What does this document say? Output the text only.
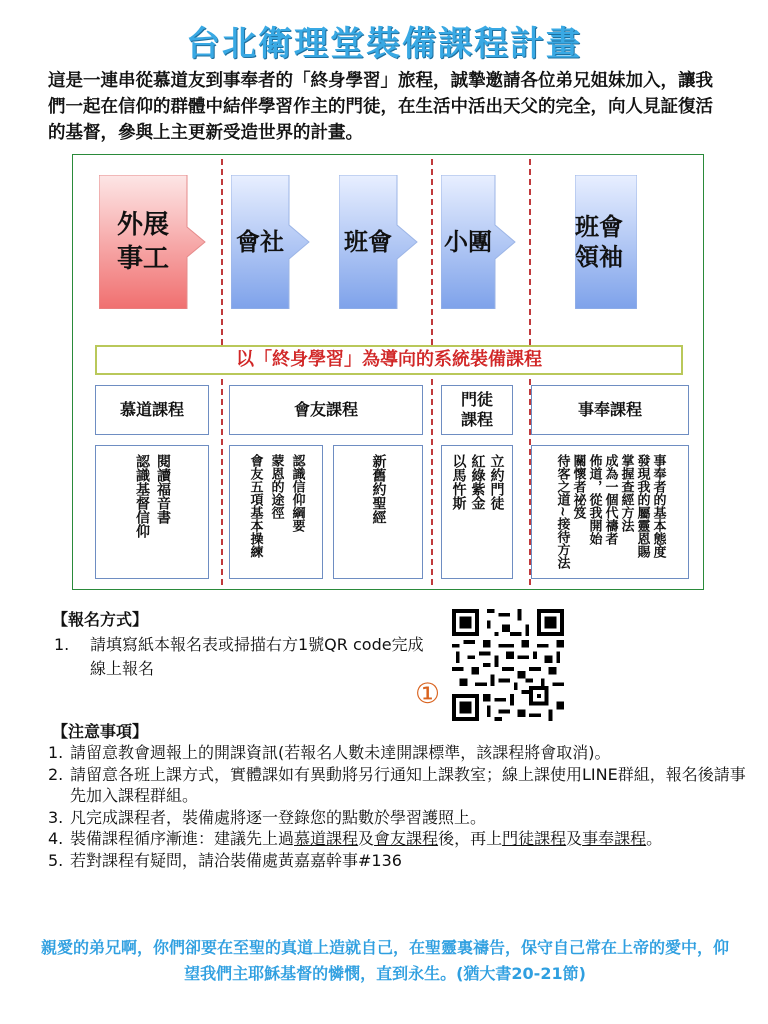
台北衛理堂裝備課程計畫
這是一連串從慕道友到事奉者的「終身學習」旅程，誠摯邀請各位弟兄姐妹加入，讓我們一起在信仰的群體中結伴學習作主的門徒，在生活中活出天父的完全，向人見証復活的基督，參與上主更新受造世界的計畫。
外展事工
會社	班會 小團
班會領袖
以「終身學習」為導向的系統裝備課程
慕道課程	會友課程
門徒課程
事奉課程
閱讀福音書
認識基督信仰	認識信仰綱要
蒙恩的途徑
會友五項基本操練	新舊約聖經	立約門徒
紅綠紫金
以馬忤斯	事奉者的基本態度
發現我的屬靈恩賜
掌握查經方法
成為一個代禱者
佈道，從我開始
關懷者祕笈
待客之道~接待方法
【報名方式】
1. 請填寫紙本報名表或掃描右方1號QR code完成線上報名
①
【注意事項】
1. 請留意教會週報上的開課資訊(若報名人數未達開課標準，該課程將會取消)。
2. 請留意各班上課方式，實體課如有異動將另行通知上課教室；線上課使用LINE群組，報名後請事先加入課程群組。
3. 凡完成課程者，裝備處將逐一登錄您的點數於學習護照上。
4. 裝備課程循序漸進：建議先上過慕道課程及會友課程後，再上門徒課程及事奉課程。
5. 若對課程有疑問，請洽裝備處黃嘉嘉幹事#136
親愛的弟兄啊，你們卻要在至聖的真道上造就自己，在聖靈裏禱告，保守自己常在上帝的愛中，仰望我們主耶穌基督的憐憫，直到永生。(猶大書20-21節)
